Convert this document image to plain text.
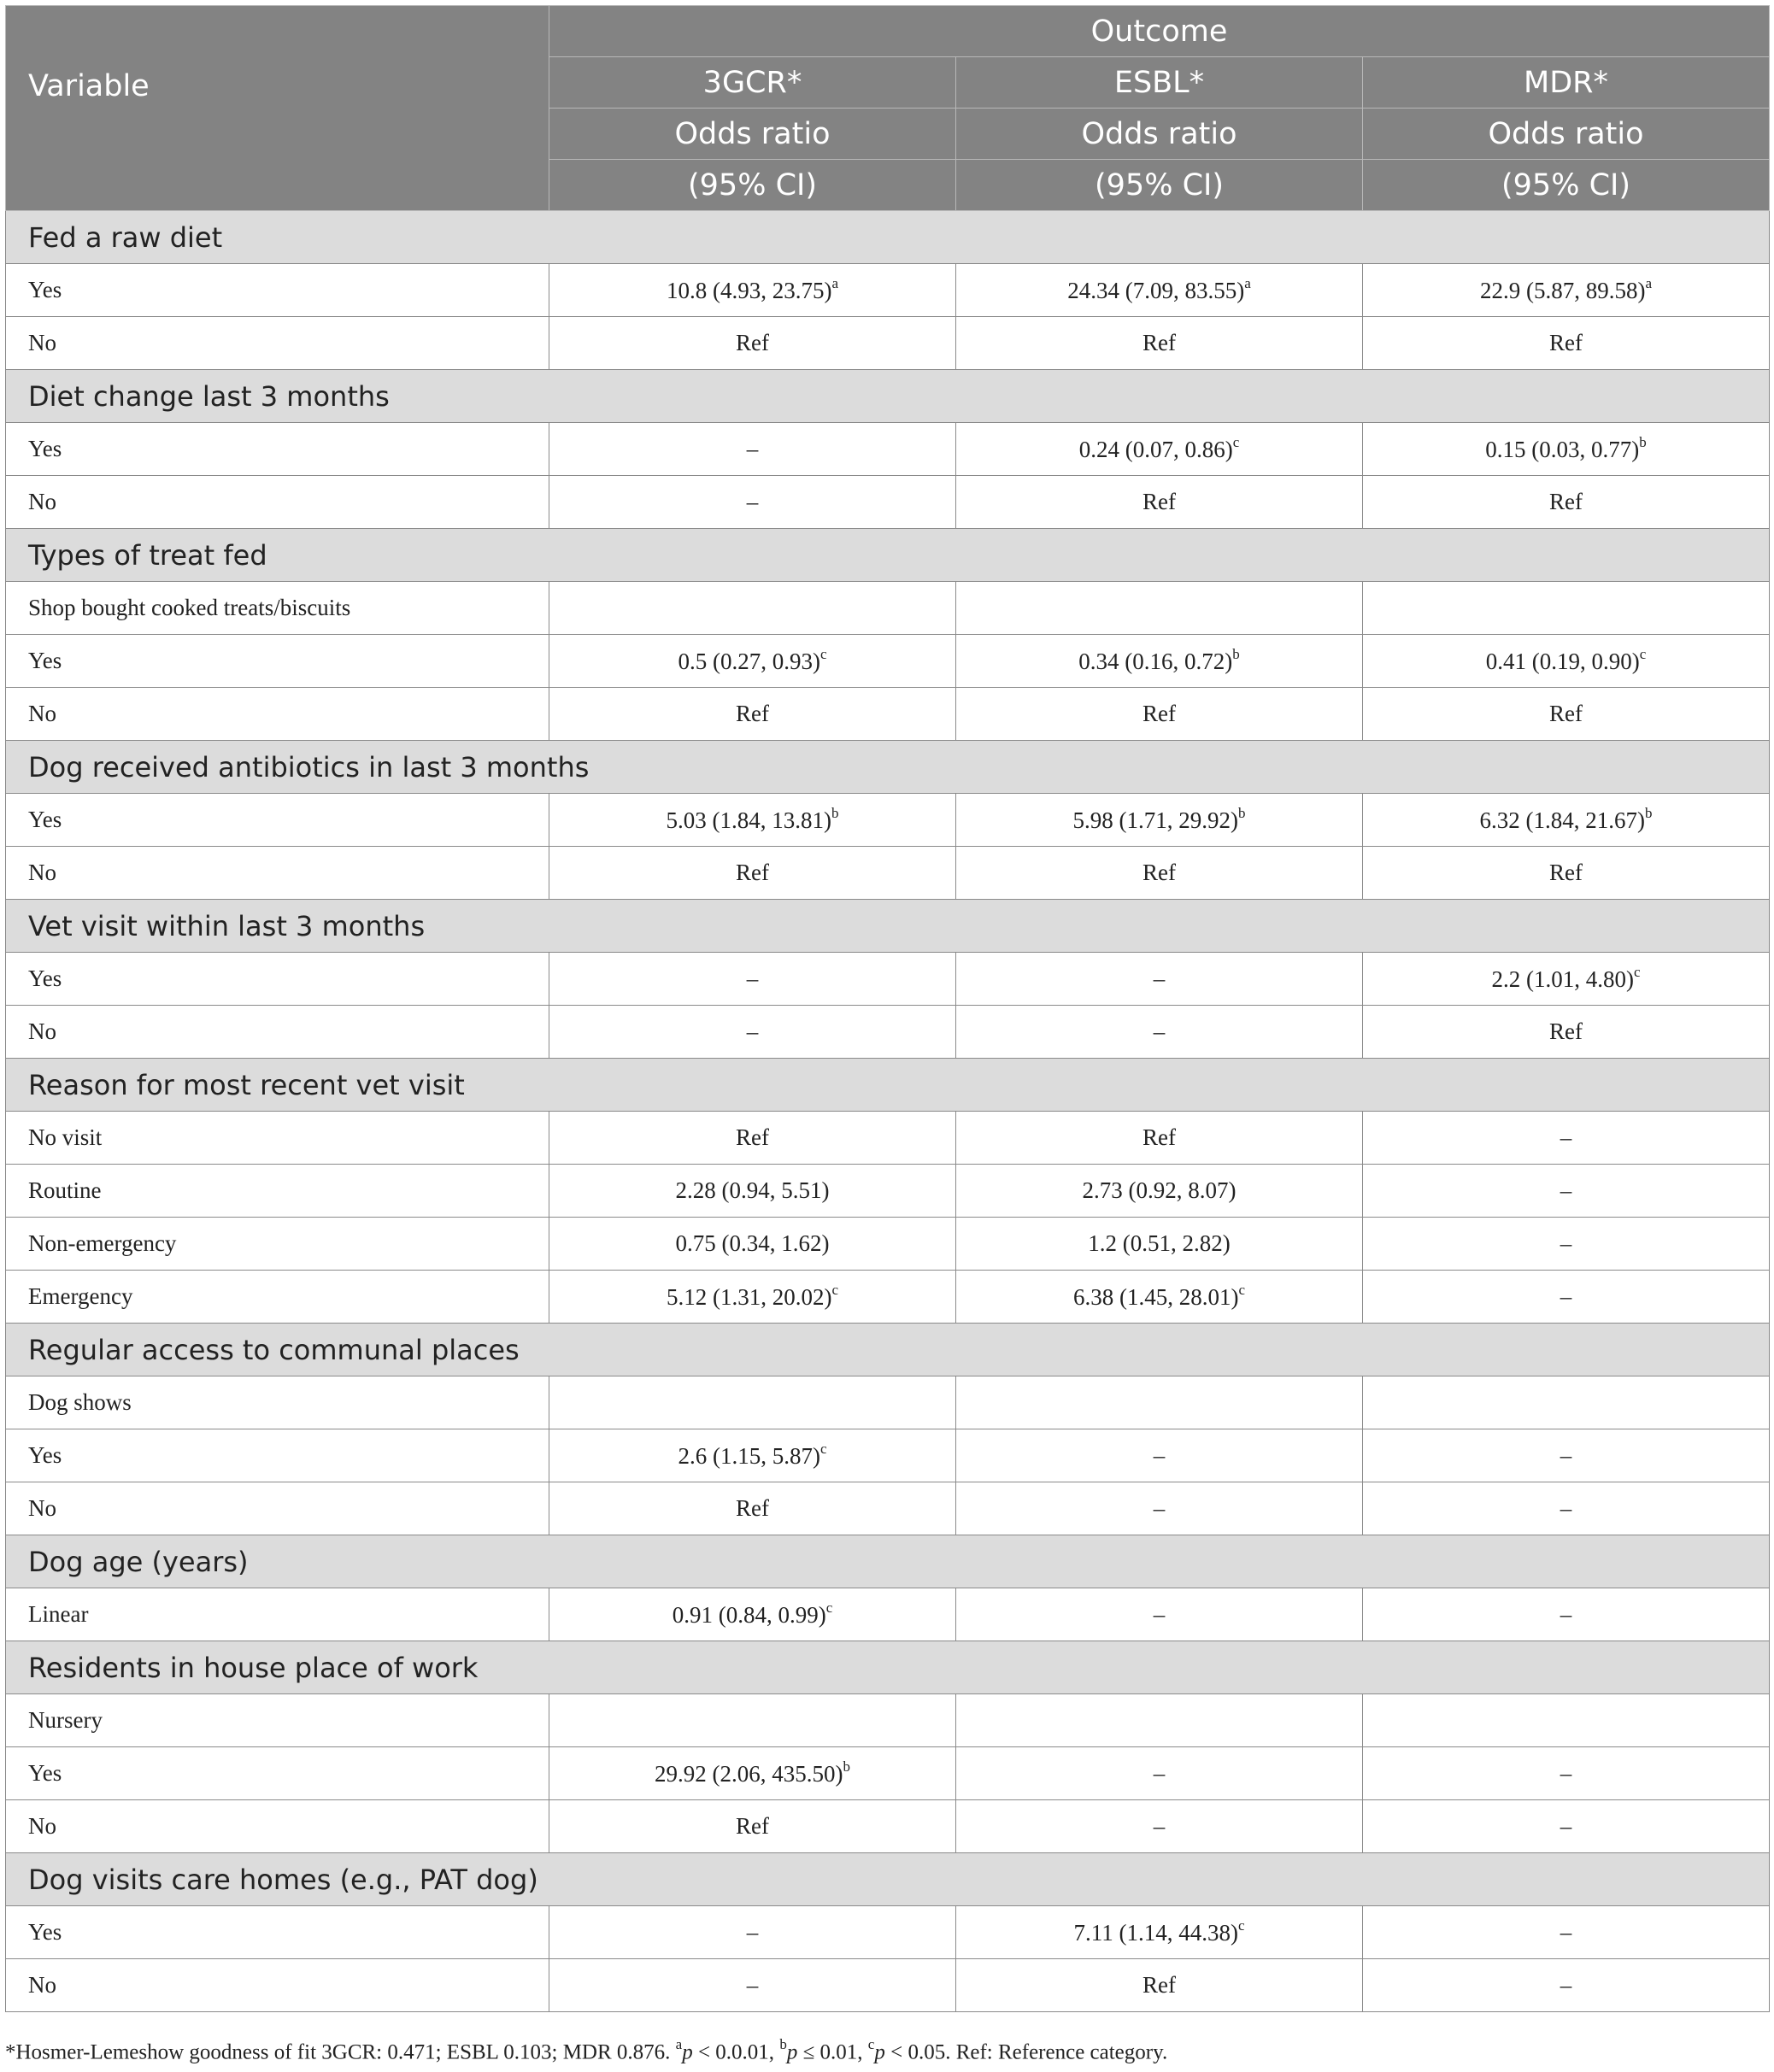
Variable	Outcome		
	3GCR*	ESBL*	MDR*
	Odds ratio	Odds ratio	Odds ratio
	(95% CI)	(95% CI)	(95% CI)
Fed a raw diet			
Yes	10.8 (4.93, 23.75)$^a$	24.34 (7.09, 83.55)$^a$	22.9 (5.87, 89.58)$^a$
No	Ref	Ref	Ref
Diet change last 3 months			
Yes	–	0.24 (0.07, 0.86)$^c$	0.15 (0.03, 0.77)$^b$
No	–	Ref	Ref
Types of treat fed			
Shop bought cooked treats/biscuits			
Yes	0.5 (0.27, 0.93)$^c$	0.34 (0.16, 0.72)$^b$	0.41 (0.19, 0.90)$^c$
No	Ref	Ref	Ref
Dog received antibiotics in last 3 months			
Yes	5.03 (1.84, 13.81)$^b$	5.98 (1.71, 29.92)$^b$	6.32 (1.84, 21.67)$^b$
No	Ref	Ref	Ref
Vet visit within last 3 months			
Yes	–	–	2.2 (1.01, 4.80)$^c$
No	–	–	Ref
Reason for most recent vet visit			
No visit	Ref	Ref	–
Routine	2.28 (0.94, 5.51)	2.73 (0.92, 8.07)	–
Non-emergency	0.75 (0.34, 1.62)	1.2 (0.51, 2.82)	–
Emergency	5.12 (1.31, 20.02)$^c$	6.38 (1.45, 28.01)$^c$	–
Regular access to communal places			
Dog shows			
Yes	2.6 (1.15, 5.87)$^c$	–	–
No	Ref	–	–
Dog age (years)			
Linear	0.91 (0.84, 0.99)$^c$	–	–
Residents in house place of work			
Nursery			
Yes	29.92 (2.06, 435.50)$^b$	–	–
No	Ref	–	–
Dog visits care homes (e.g., PAT dog)			
Yes	–	7.11 (1.14, 44.38)$^c$	–
No	–	Ref	–
*Hosmer-Lemeshow goodness of fit 3GCR: 0.471; ESBL 0.103; MDR 0.876. $^a$p < 0.0.01, $^b$p ≤ 0.01, $^c$p < 0.05. Ref: Reference category.
